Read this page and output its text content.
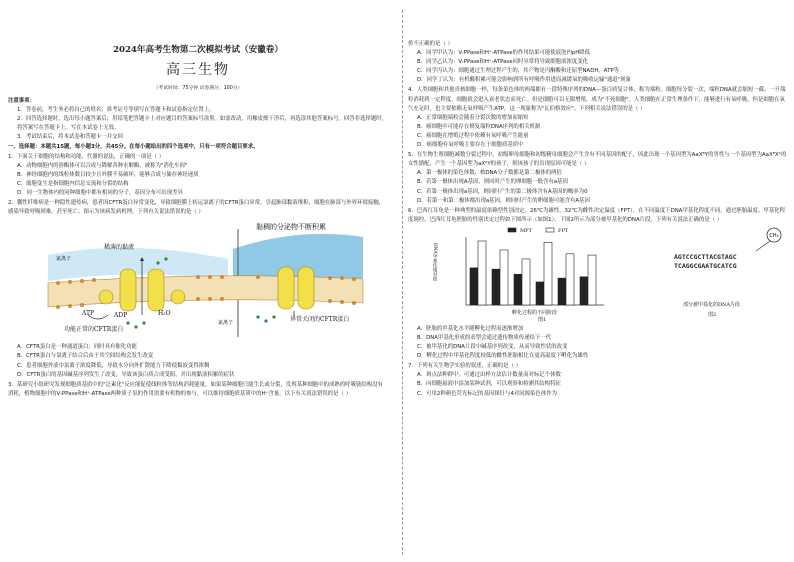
2024年高考生物第二次模拟考试（安徽卷）
高三生物
（考试时间：75分钟 试卷满分：100分）
注意事项：

1．答卷前，考生务必将自己的姓名、准考证号等填写在答题卡和试卷指定位置上。

2．回答选择题时，选出每小题答案后，用铅笔把答题卡上对应题目的答案标号涂黑。如需改动，用橡皮擦干净后，再选涂其他答案标号。回答非选择题时，将答案写在答题卡上。写在本试卷上无效。

3．考试结束后，将本试卷和答题卡一并交回

一、选择题：本题共15题，每小题3分，共45分。在每小题给出的四个选项中，只有一项符合题目要求。

1．下面关于细胞的结构和功能，代谢的说法，正确的一项是（ ）

A．动物细胞内的溶酶体可以合成与降解各种水解酶，被称为"消化车间"

B．神经细胞内的线粒体数目较少且外膜不易破坏，能够合成与储存神经递质

C．细胞变生是指细胞内信息交流和分裂的结构

D．同一生物体内的同种细胞中都有相同的分子，基因分布可出现差异

2．囊性纤维病是一种隐性遗传病，患者因CFTR蛋白异常变化，导致细胞膜上转运氯离子的CFTR蛋白异常，引起肺部黏液堆积，细胞在肺部与外界环境接触，感染导致呼吸困难，甚至死亡。图示为该病发病机理，下列有关说法错误的是（ ）

黏稠的分泌物不断积累
稀薄的黏液
氯离子
ATP	ADP	H₂O
功能正常的CFTR蛋白
氯离子	异常关闭的CFTR蛋白

A．CFTR蛋白是一种通道蛋白，同时具有催化功能

B．CFTR蛋白与氯离子结合后由于其空间结构会发生改变

C．患者细胞外液中氯离子浓度降低，导致水分向外扩散能力下降使黏液变得浓稠

D．CFTR蛋白的基因碱基序列发生了改变，导致该蛋白质合成受阻，并出现黏液积累的症状

3．某研究小组研究发现细胞质基质中的"泛素化"反应能促使线粒体等结构消耗能量，如果某种细胞只能生长或分裂，发现某种细胞中的成熟的呼吸链结构没有消耗，植物细胞中的V-PPase和H⁺-ATPase两种质子泵的作用需要有机物的参与，可以维持细胞质基质中的H⁺含量。以下有关说法错误的是（ ）

价不正确的是（ ）

A．同学甲认为：V-PPase和H⁺-ATPase的作用结果可能使液泡内pH降低

B．同学乙认为：V-PPase和H⁺-ATPase同时异常将导致细胞液浓度变化

C．同学丙认为：细胞通过生理过程产生的，其产物是丙酮酸和还原型NADH，ATP等

D．同学丁认为：有机酸积累可能会影响到所有呼吸作用进而减缓氧的吸收运输"通道"现象

4．人类细胞和其他真核细胞一样，每条染色体的两端都有一段特殊序列的DNA—蛋白质复合体，称为端粒。细胞每分裂一次，端粒DNA就会缩短一截。一旦端粒消耗到一定程度，细胞就会进入衰老状态而死亡。但是细胞可以无限增殖，成为"不死细胞"。人类细胞在正常生理条件下，能够进行有氧呼吸，但是细胞在氧气充足时，也主要依赖无氧呼吸产生ATP，这一现象称为"瓦伯格效应"。下列相关说法错误的是（ ）

A．正常细胞端粒会随着分裂次数的增加而缩短

B．癌细胞中可能存在修复端粒DNA序列的相关机制

C．癌细胞在增殖过程中依赖有氧呼吸产生能量

D．癌细胞有氧呼吸主要存在于细胞质基质中

5．在生物生殖细胞减数分裂过程中，初级卵母细胞和初级精母细胞会产生含有不同基因的配子，因此出现一个基因型为AaXᴮY的男性与一个基因型为AaXᴮXᵇ的女性婚配，产生一个基因型为aXᵇY的孩子，则该孩子的出现原因可能是（ ）

A．第一极体的染色体数、核DNA分子数都是第二极体的两倍

B．若第一极体出现A基因，则同时产生的卵细胞一般含有a基因

C．若第一极体出现a基因，则同时产生的第二极体含有A基因的概率为0

D．若第一和第二极体都出现a基因，则同时产生的卵细胞可能含有A基因

6．巴西红耳龟是一种典型的温度依赖型性别决定，26℃为雄性，32℃为雌性决定温度（FPT），在不同温度下DNA甲基化程度不同。通过胚胎温度、甲基化程度调控，巴西红耳龟胚胎的性别决定过程如下图所示（如图1）。下图2所示为部分被甲基化的DNA片段。下列有关说法正确的是（ ）

MPT	FPT
DNA甲基化相对值
孵化过程的不同阶段
图1
CH₃
AGTCCGCTTACGTAGC
TCAGGCGAATGCATCG
部分被甲基化的DNA片段
图2

A．胚胎的甲基化水平随孵化过程而逐渐增加

B．DNA甲基化形成的表型会通过遗传物质传递给下一代

C．被甲基化的DNA片段中碱基序列改变，从而导致性状的改变

D．孵化过程中甲基化程度较低的雌性胚胎相比在更高温度下孵化为雄性

7．下列有关生物学实验的叙述，正确的是（ ）

A．斑点法种群中，可通过由样方法估计数量而对标记个体数

B．向细胞悬液中添加某种试剂，可以观察和检测其结构特征

C．可用2种颜色荧光标记的基因探针与4对同源染色体作为
